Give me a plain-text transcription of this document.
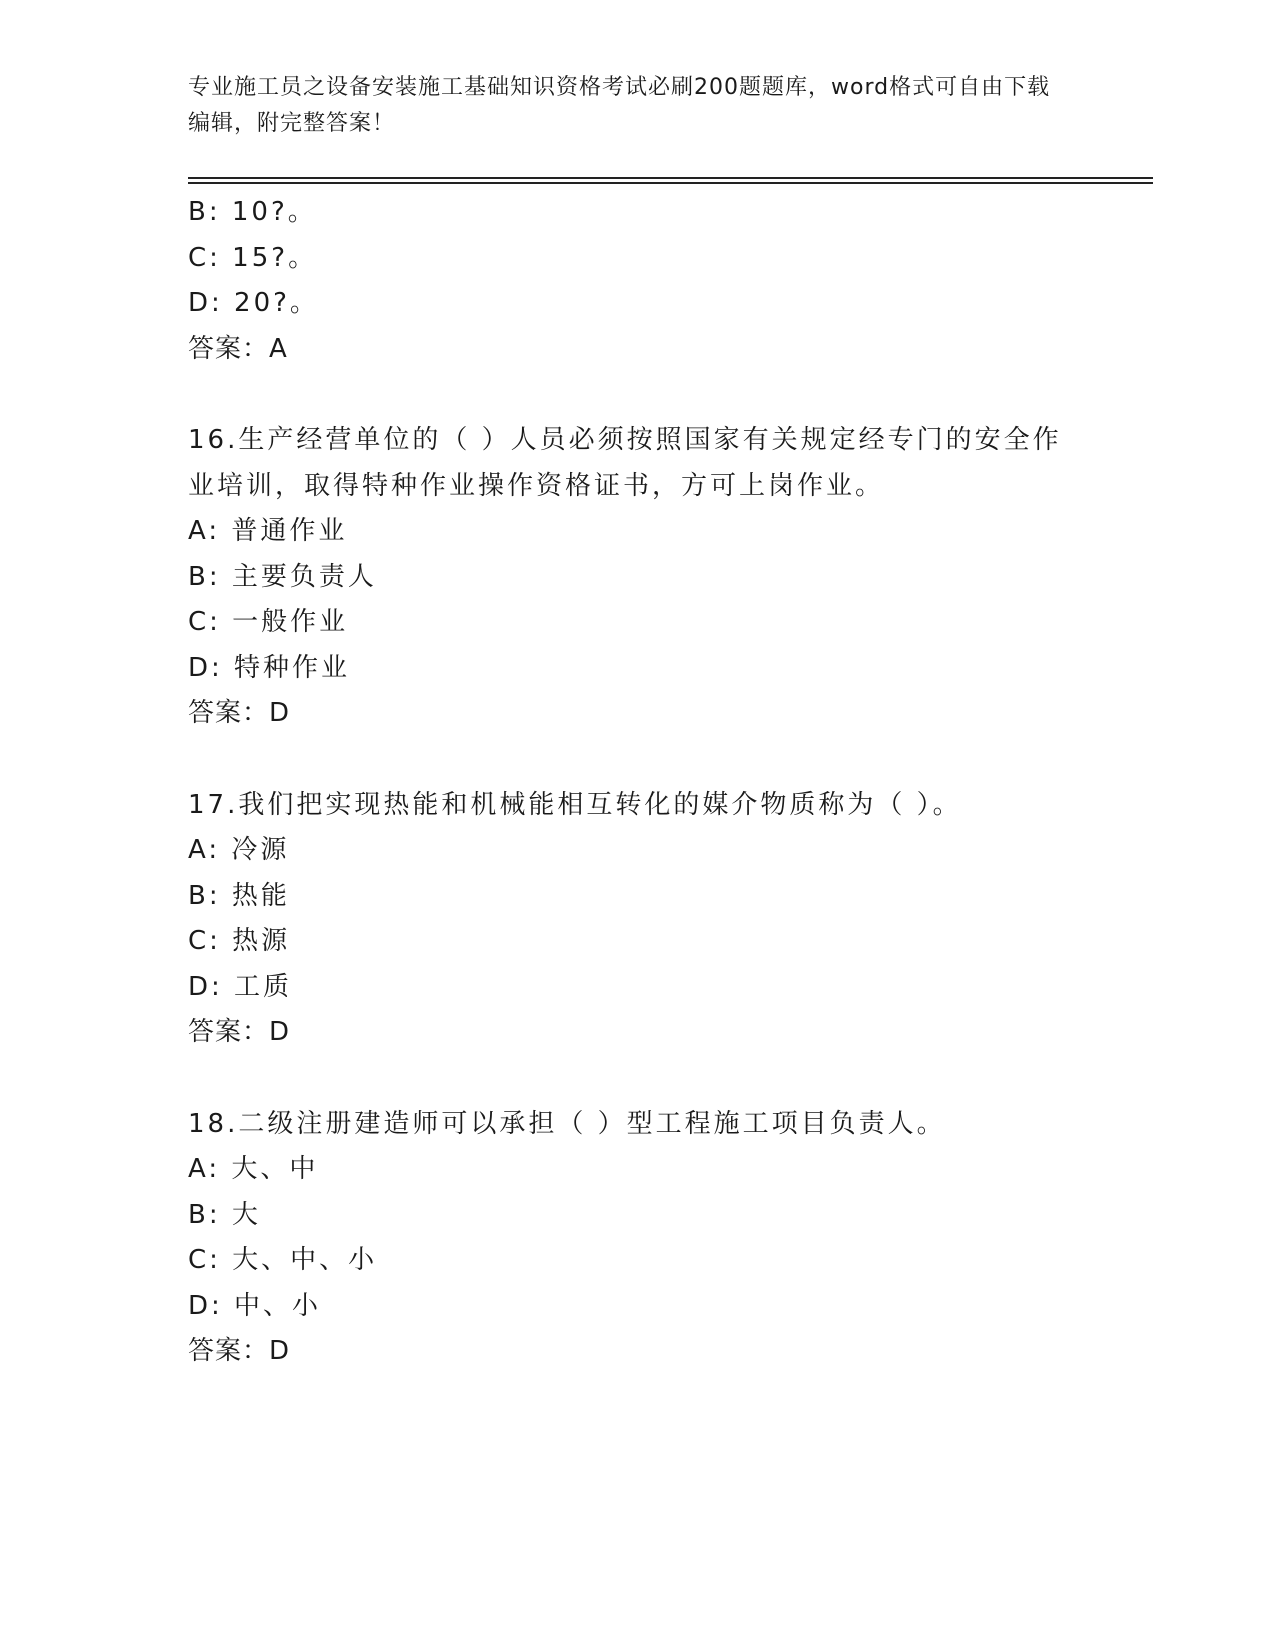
专业施工员之设备安装施工基础知识资格考试必刷200题题库，word格式可自由下载编辑，附完整答案！
B: 10?。
C: 15?。
D: 20?。
答案：A
16.生产经营单位的（ ）人员必须按照国家有关规定经专门的安全作业培训，取得特种作业操作资格证书，方可上岗作业。
A: 普通作业
B: 主要负责人
C: 一般作业
D: 特种作业
答案：D
17.我们把实现热能和机械能相互转化的媒介物质称为（ ）。
A: 冷源
B: 热能
C: 热源
D: 工质
答案：D
18.二级注册建造师可以承担（ ）型工程施工项目负责人。
A: 大、中
B: 大
C: 大、中、小
D: 中、小
答案：D
